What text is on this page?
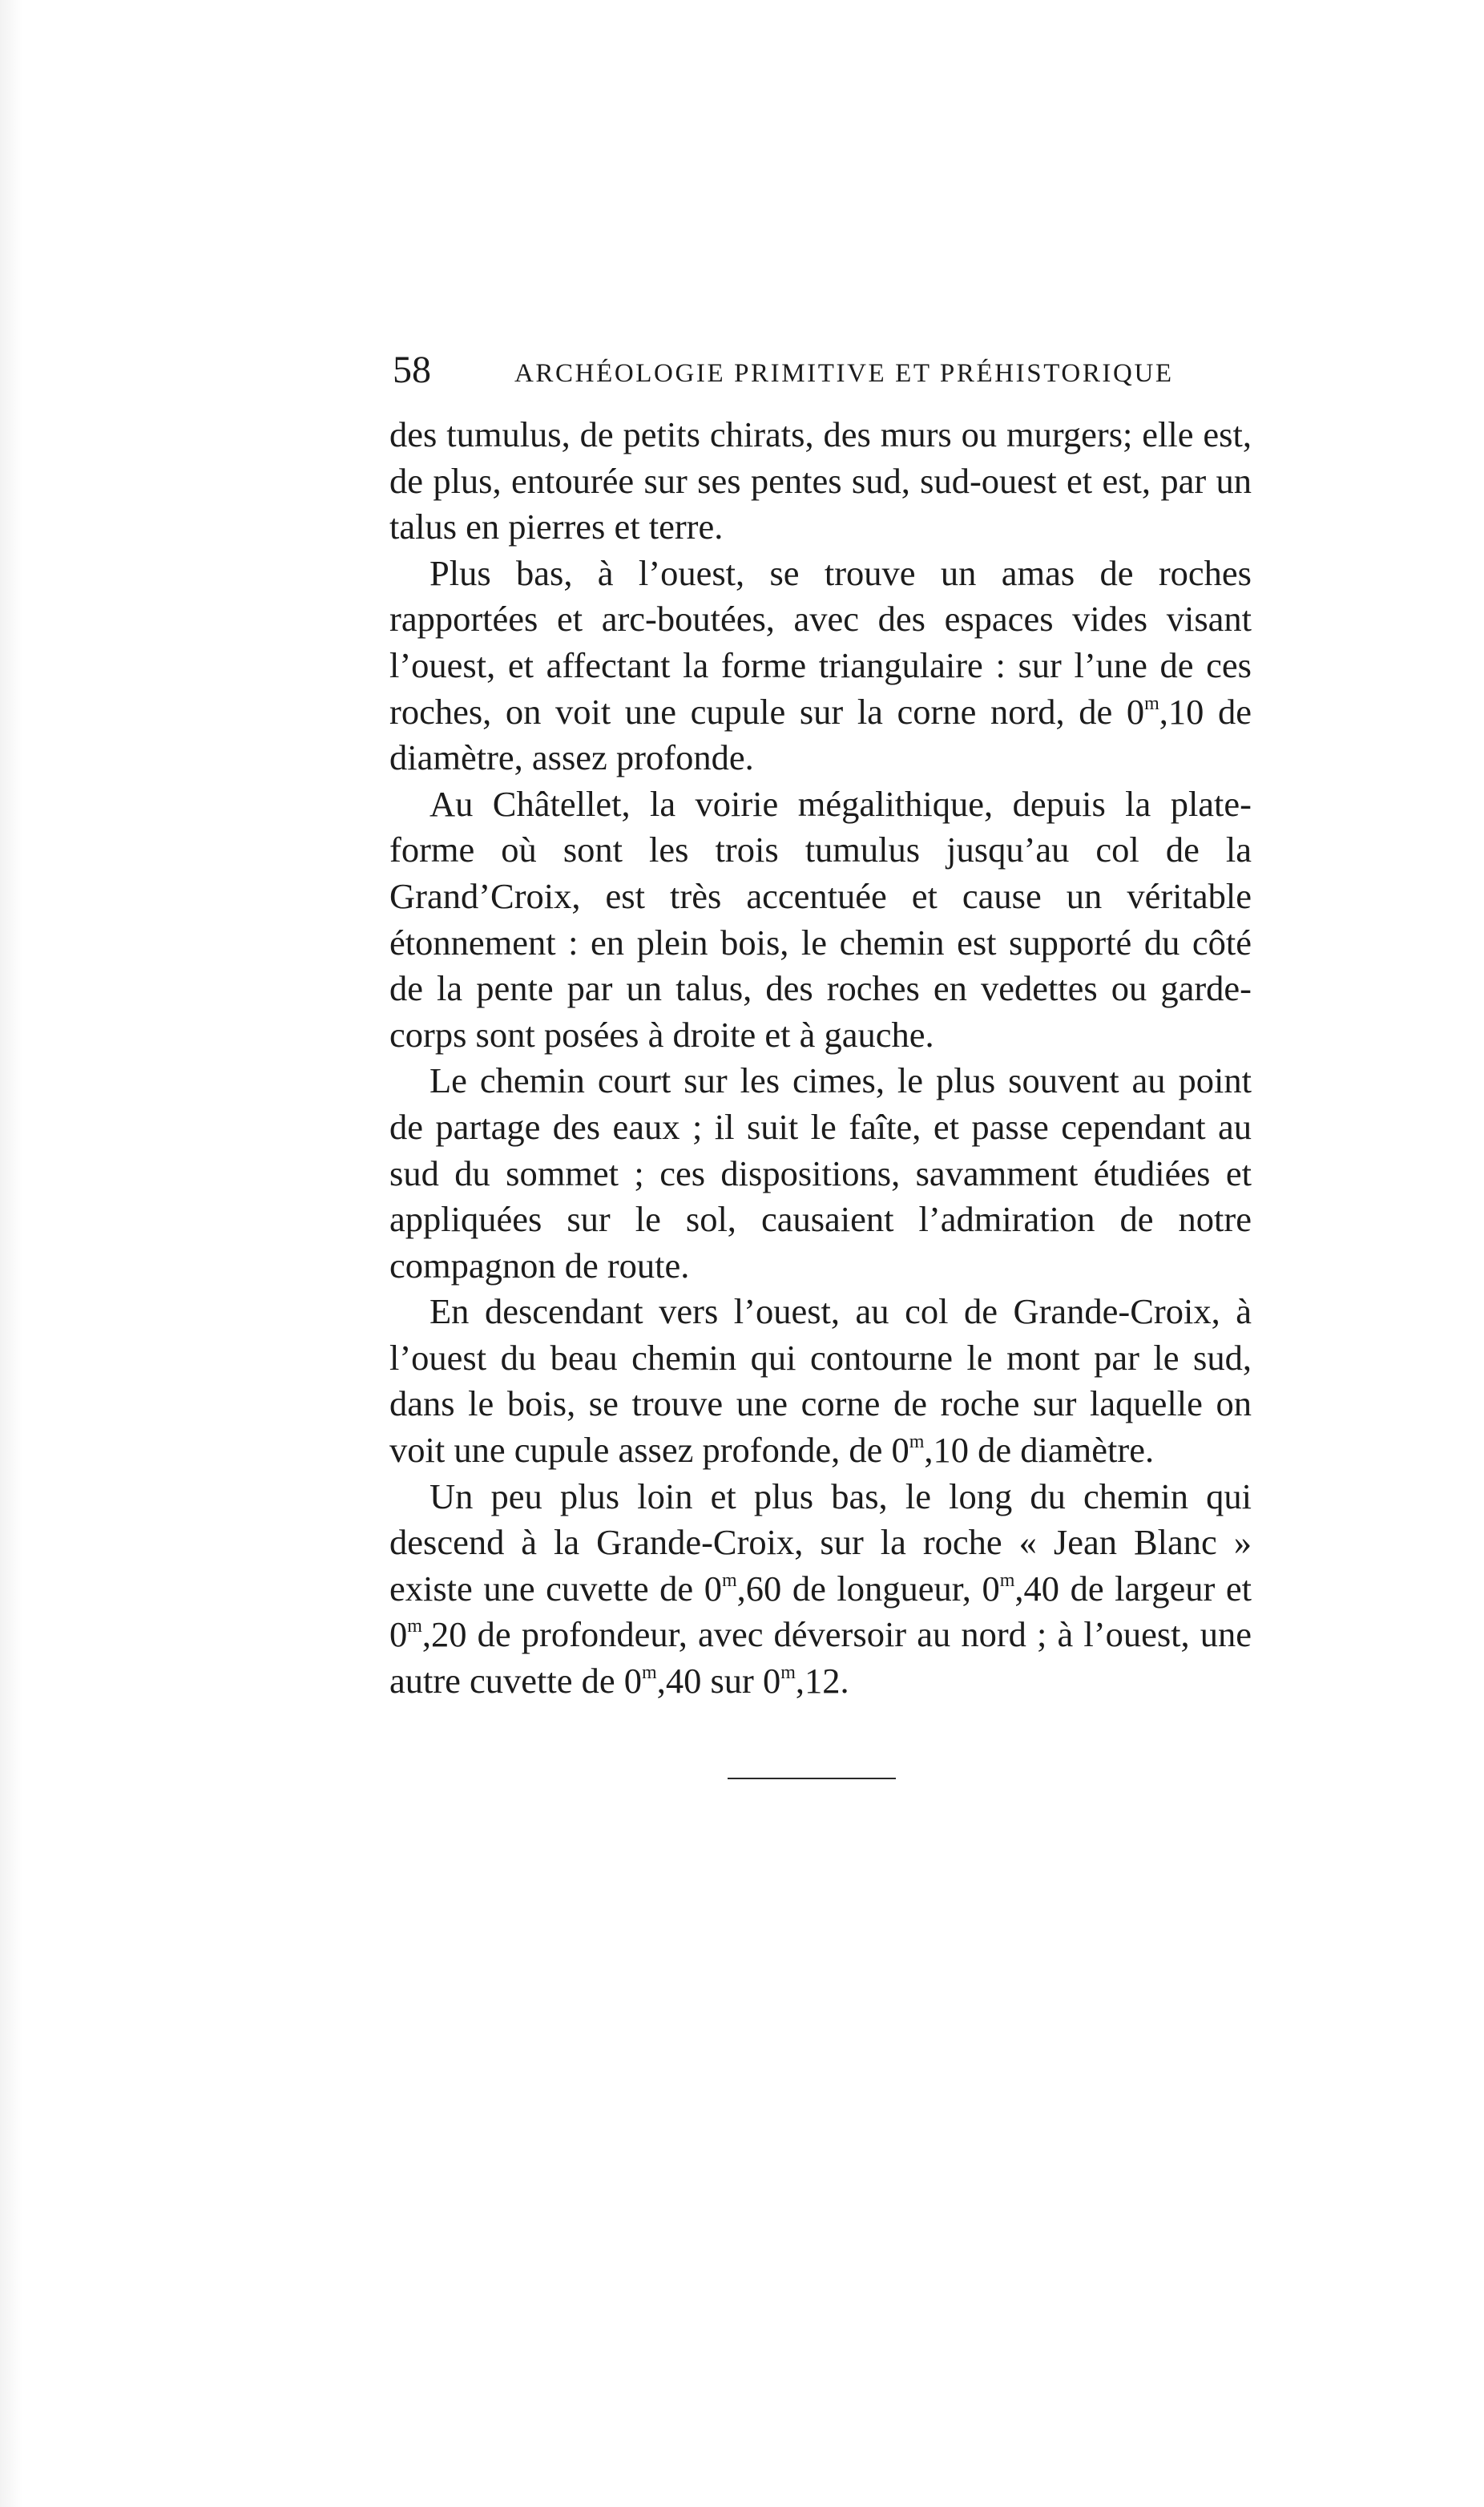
58	ARCHÉOLOGIE PRIMITIVE ET PRÉHISTORIQUE

des tumulus, de petits chirats, des murs ou murgers; elle est, de plus, entourée sur ses pentes sud, sud-ouest et est, par un talus en pierres et terre.

Plus bas, à l’ouest, se trouve un amas de roches rapportées et arc-boutées, avec des espaces vides visant l’ouest, et affectant la forme triangulaire : sur l’une de ces roches, on voit une cupule sur la corne nord, de 0$^m$,10 de diamètre, assez profonde.

Au Châtellet, la voirie mégalithique, depuis la plate-forme où sont les trois tumulus jusqu’au col de la Grand’Croix, est très accentuée et cause un véritable étonnement : en plein bois, le chemin est supporté du côté de la pente par un talus, des roches en vedettes ou garde-corps sont posées à droite et à gauche.

Le chemin court sur les cimes, le plus souvent au point de partage des eaux ; il suit le faîte, et passe cependant au sud du sommet ; ces dispositions, savamment étudiées et appliquées sur le sol, causaient l’admiration de notre compagnon de route.

En descendant vers l’ouest, au col de Grande-Croix, à l’ouest du beau chemin qui contourne le mont par le sud, dans le bois, se trouve une corne de roche sur laquelle on voit une cupule assez profonde, de 0$^m$,10 de diamètre.

Un peu plus loin et plus bas, le long du chemin qui descend à la Grande-Croix, sur la roche « Jean Blanc » existe une cuvette de 0$^m$,60 de longueur, 0$^m$,40 de largeur et 0$^m$,20 de profondeur, avec déversoir au nord ; à l’ouest, une autre cuvette de 0$^m$,40 sur 0$^m$,12.
